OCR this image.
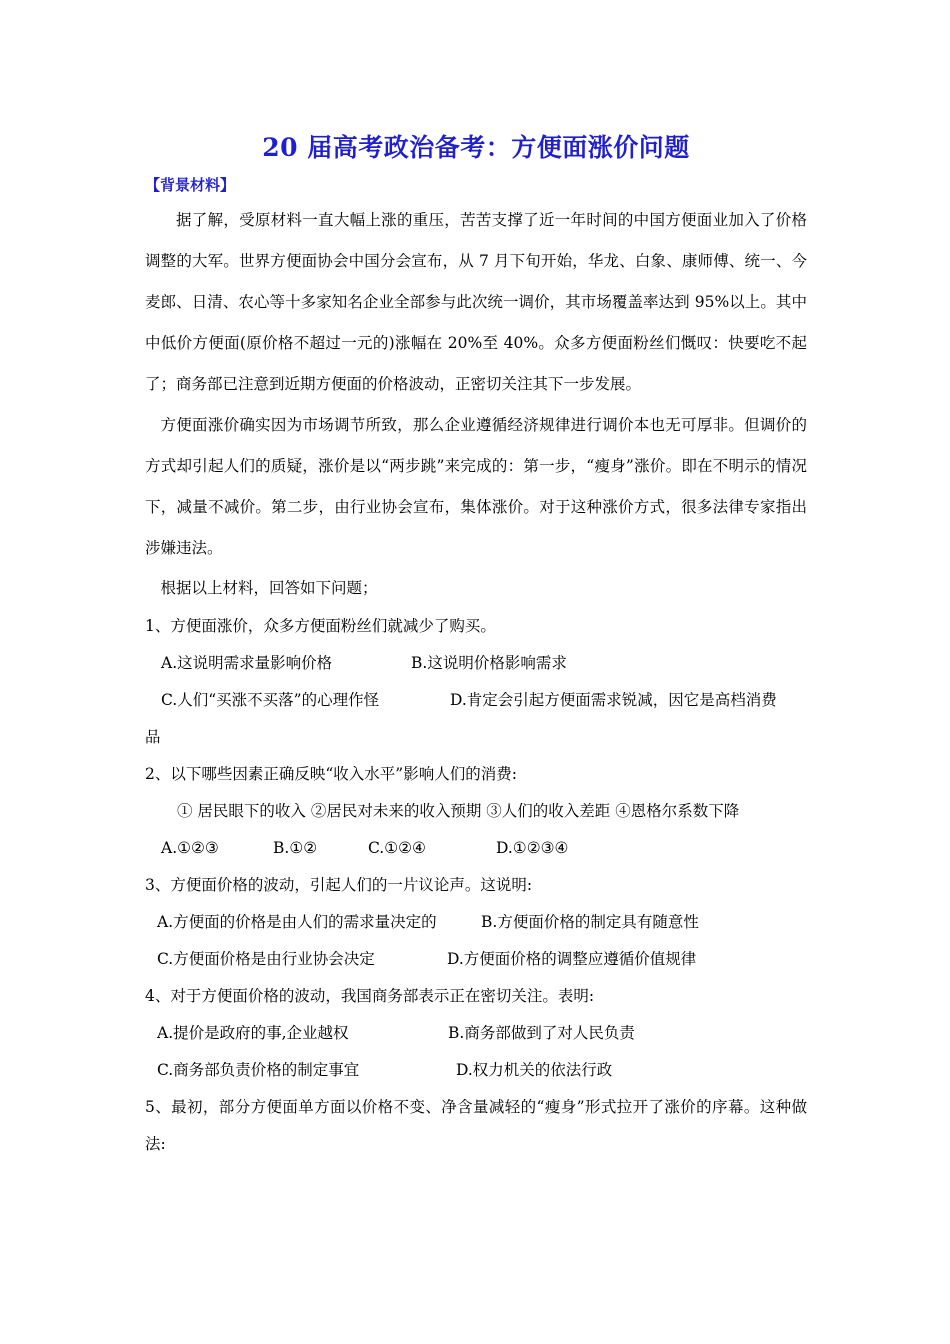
20 届高考政治备考：方便面涨价问题
【背景材料】

据了解，受原材料一直大幅上涨的重压，苦苦支撑了近一年时间的中国方便面业加入了价格调整的大军。世界方便面协会中国分会宣布，从 7 月下旬开始，华龙、白象、康师傅、统一、今麦郎、日清、农心等十多家知名企业全部参与此次统一调价，其市场覆盖率达到 95%以上。其中中低价方便面(原价格不超过一元的)涨幅在 20%至 40%。众多方便面粉丝们慨叹：快要吃不起了；商务部已注意到近期方便面的价格波动，正密切关注其下一步发展。

方便面涨价确实因为市场调节所致，那么企业遵循经济规律进行调价本也无可厚非。但调价的方式却引起人们的质疑，涨价是以“两步跳”来完成的：第一步，“瘦身”涨价。即在不明示的情况下，减量不减价。第二步，由行业协会宣布，集体涨价。对于这种涨价方式，很多法律专家指出涉嫌违法。

根据以上材料，回答如下问题；

1、方便面涨价，众多方便面粉丝们就减少了购买。

A.这说明需求量影响价格	B.这说明价格影响需求
C.人们“买涨不买落”的心理作怪	D.肯定会引起方便面需求锐减，因它是高档消费

品

2、以下哪些因素正确反映“收入水平”影响人们的消费:

① 居民眼下的收入 ②居民对未来的收入预期 ③人们的收入差距 ④恩格尔系数下降

A.①②③	B.①②	C.①②④	D.①②③④

3、方便面价格的波动，引起人们的一片议论声。这说明:

A.方便面的价格是由人们的需求量决定的	B.方便面价格的制定具有随意性
C.方便面价格是由行业协会决定	D.方便面价格的调整应遵循价值规律

4、对于方便面价格的波动，我国商务部表示正在密切关注。表明:

A.提价是政府的事,企业越权	B.商务部做到了对人民负责
C.商务部负责价格的制定事宜	D.权力机关的依法行政

5、最初，部分方便面单方面以价格不变、净含量减轻的“瘦身”形式拉开了涨价的序幕。这种做法:
